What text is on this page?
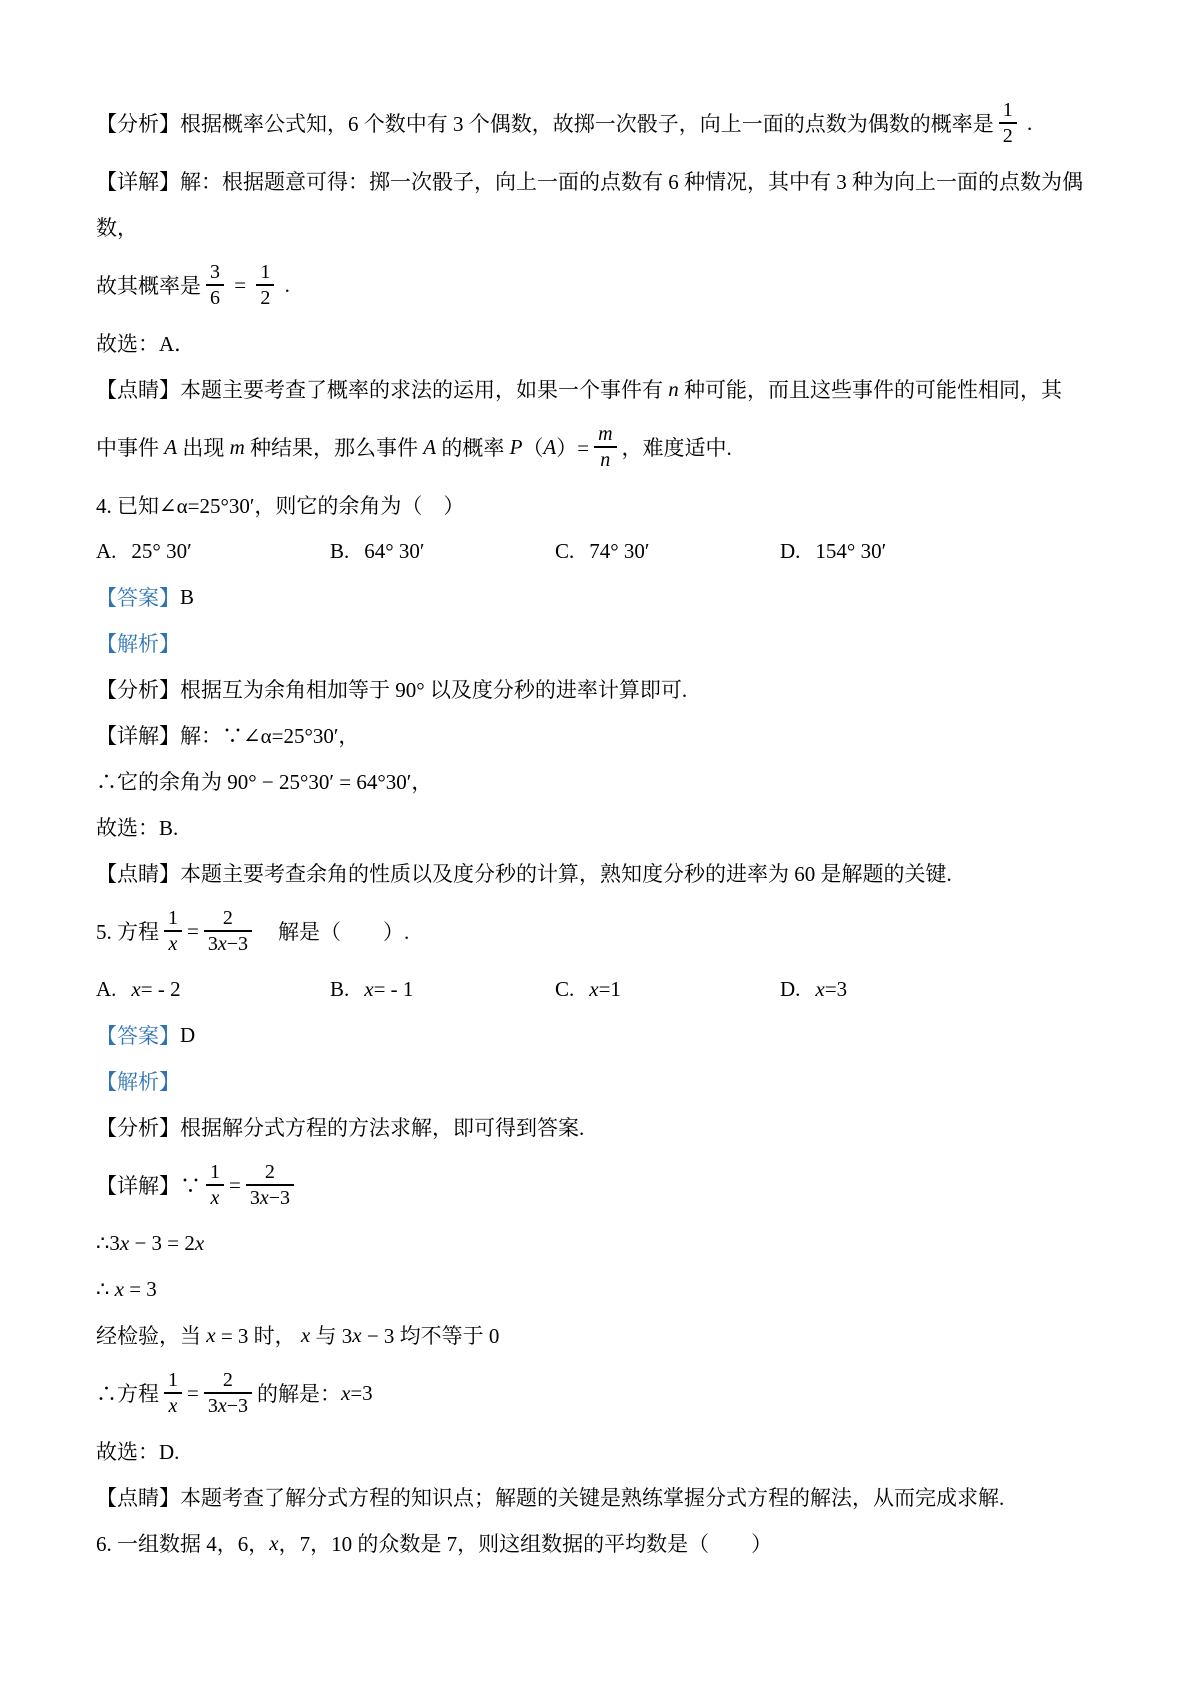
【分析】根据概率公式知，6 个数中有 3 个偶数，故掷一次骰子，向上一面的点数为偶数的概率是 $\frac{1}{2}$ .
【详解】解：根据题意可得：掷一次骰子，向上一面的点数有 6 种情况，其中有 3 种为向上一面的点数为偶
数，
故其概率是 $\frac{3}{6} = \frac{1}{2}$ .
故选：A．
【点睛】本题主要考查了概率的求法的运用，如果一个事件有 n 种可能，而且这些事件的可能性相同，其
中事件 A 出现 m 种结果，那么事件 A 的概率 P （ A ）= $\frac{m}{n}$ ，难度适中.
4. 已知∠α=25°30′，则它的余角为（　）
A. 25° 30′	B. 64° 30′	C. 74° 30′	D. 154° 30′
【答案】 B
【解析】
【分析】根据互为余角相加等于 90° 以及度分秒的进率计算即可.
【详解】解：∵∠α=25°30′，
∴它的余角为 90° − 25°30′ = 64°30′，
故选：B.
【点睛】本题主要考查余角的性质以及度分秒的计算，熟知度分秒的进率为 60 是解题的关键.
5. 方程 $\frac{1}{x} = \frac{2}{3x-3}$ 　解是（　　）.
A. x = - 2	B. x = - 1	C. x =1	D. x =3
【答案】 D
【解析】
【分析】根据解分式方程的方法求解，即可得到答案.
【详解】∵ $\frac{1}{x} = \frac{2}{3x-3}$
∴3 x − 3 = 2 x
∴ x = 3
经检验，当 x = 3 时， x 与 3 x − 3 均不等于 0
∴方程 $\frac{1}{x} = \frac{2}{3x-3}$ 的解是： x =3
故选：D.
【点睛】本题考查了解分式方程的知识点；解题的关键是熟练掌握分式方程的解法，从而完成求解.
6. 一组数据 4，6， x ，7，10 的众数是 7，则这组数据的平均数是（　　）
